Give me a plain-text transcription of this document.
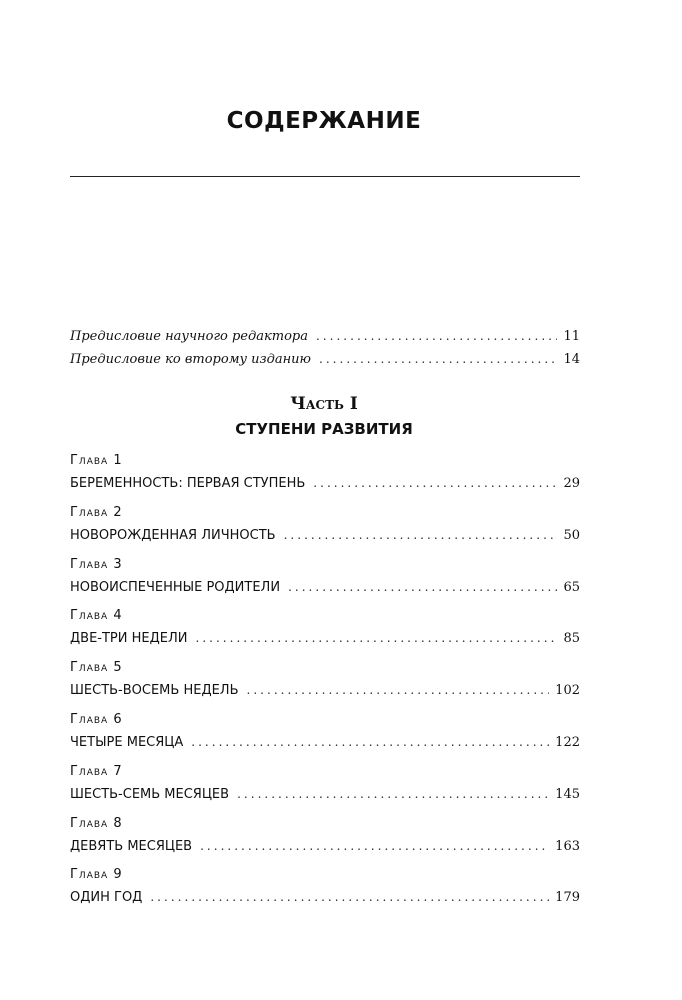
СОДЕРЖАНИЕ
Предисловие научного редактора . . .	11
Предисловие ко второму изданию . . .	14
Часть I
СТУПЕНИ РАЗВИТИЯ
Глава 1
БЕРЕМЕННОСТЬ: ПЕРВАЯ СТУПЕНЬ . . .	29
Глава 2
НОВОРОЖДЕННАЯ ЛИЧНОСТЬ . . .	50
Глава 3
НОВОИСПЕЧЕННЫЕ РОДИТЕЛИ . . .	65
Глава 4
ДВЕ-ТРИ НЕДЕЛИ . . .	85
Глава 5
ШЕСТЬ-ВОСЕМЬ НЕДЕЛЬ . . .	102
Глава 6
ЧЕТЫРЕ МЕСЯЦА . . .	122
Глава 7
ШЕСТЬ-СЕМЬ МЕСЯЦЕВ . . .	145
Глава 8
ДЕВЯТЬ МЕСЯЦЕВ . . .	163
Глава 9
ОДИН ГОД . . .	179
